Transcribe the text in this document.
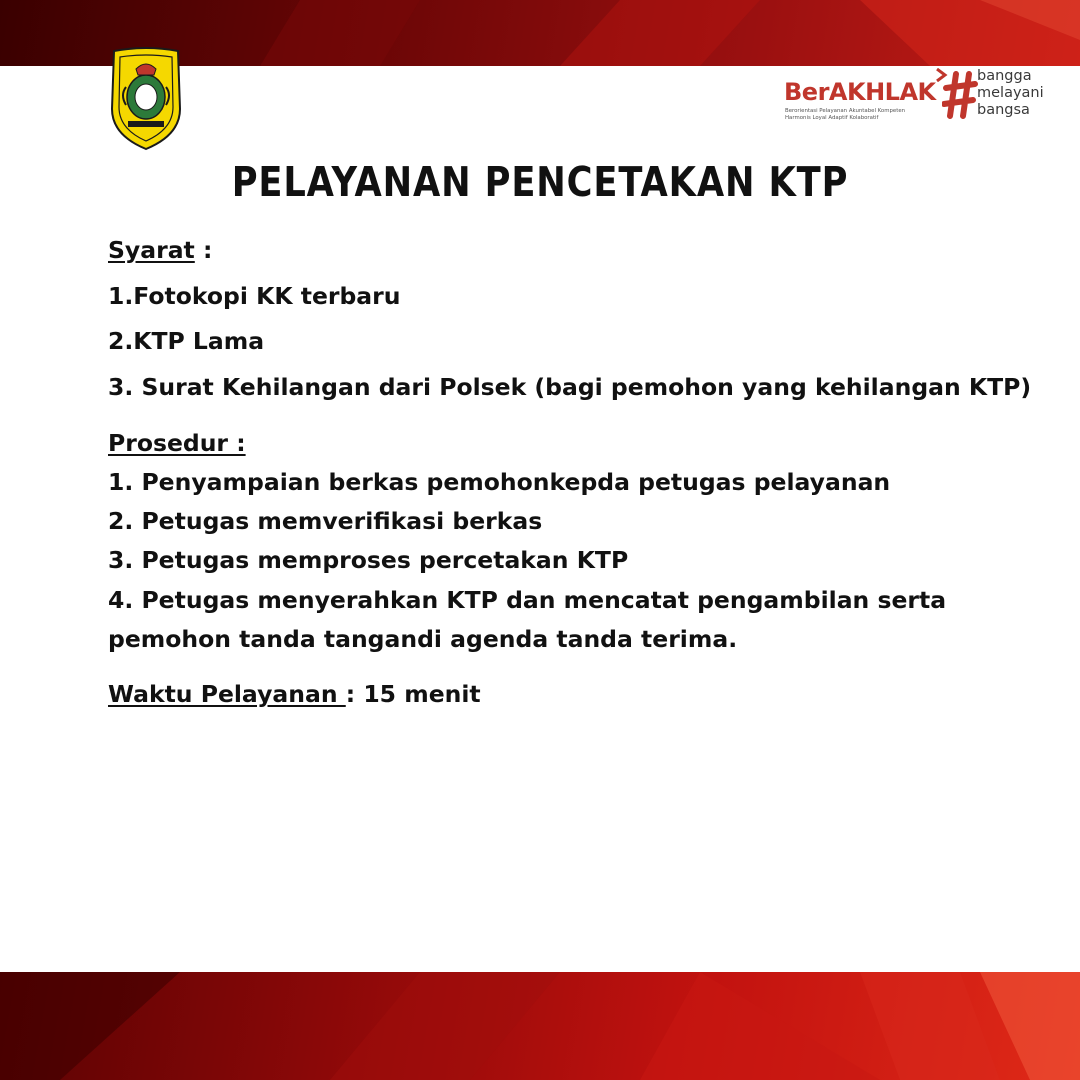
BerAKHLAK
Berorientasi Pelayanan Akuntabel Kompeten
Harmonis Loyal Adaptif Kolaboratif
bangga
melayani
bangsa
PELAYANAN PENCETAKAN KTP
Syarat :
1.Fotokopi KK terbaru
2.KTP Lama
3. Surat Kehilangan dari Polsek (bagi pemohon yang kehilangan KTP)
Prosedur :
1. Penyampaian berkas pemohonkepda petugas pelayanan
2. Petugas memverifikasi berkas
3. Petugas memproses percetakan KTP
4. Petugas menyerahkan KTP dan mencatat pengambilan serta
pemohon tanda tangandi agenda tanda terima.
Waktu Pelayanan : 15 menit
